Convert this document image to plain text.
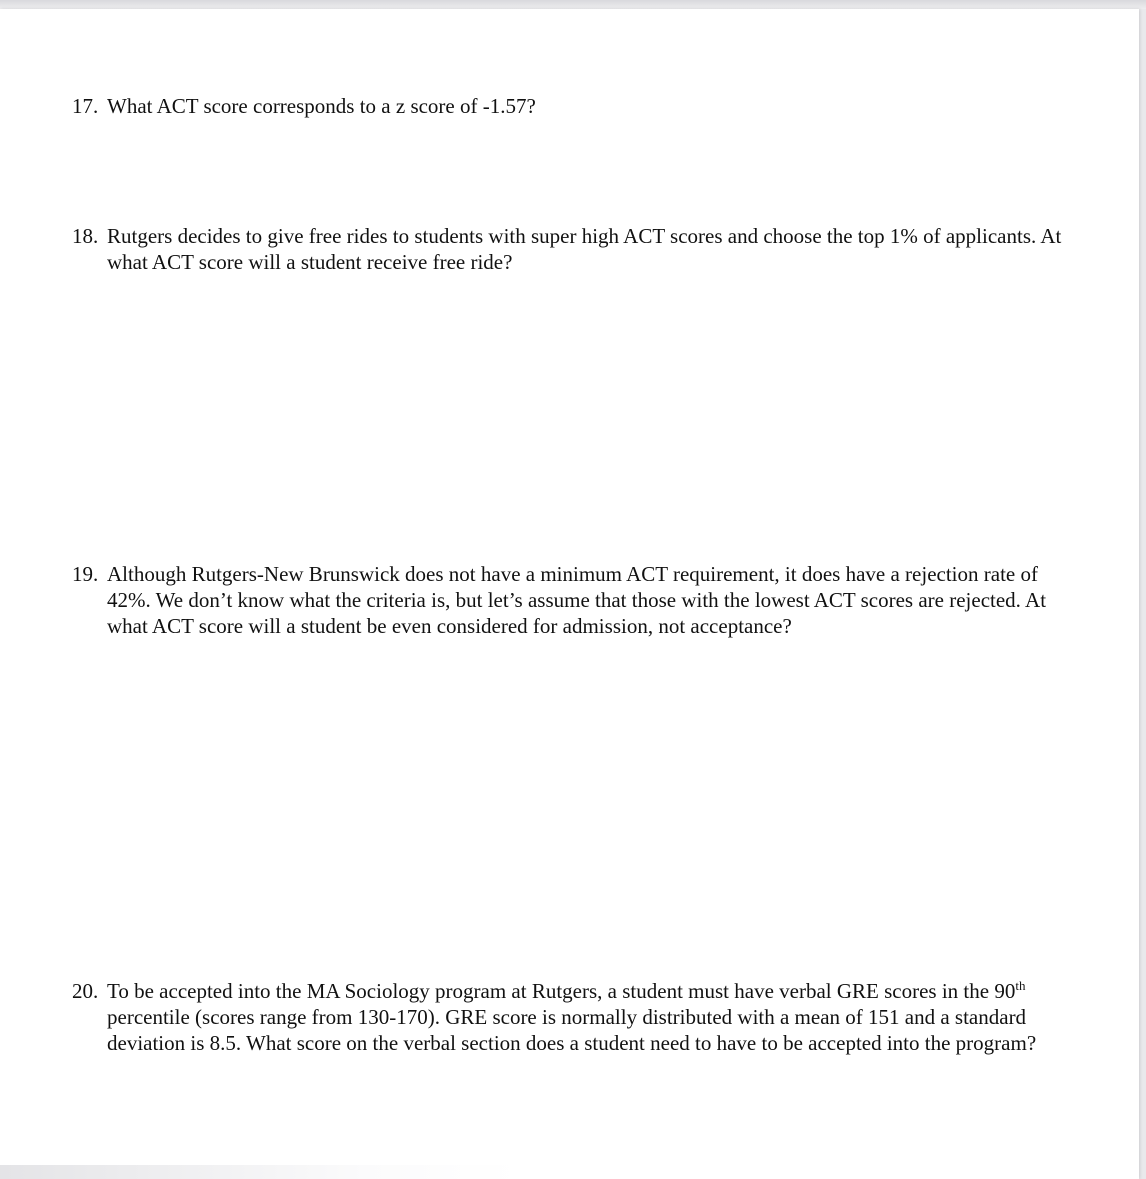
17. What ACT score corresponds to a z score of -1.57?
18. Rutgers decides to give free rides to students with super high ACT scores and choose the top 1% of applicants. At what ACT score will a student receive free ride?
19. Although Rutgers-New Brunswick does not have a minimum ACT requirement, it does have a rejection rate of 42%. We don’t know what the criteria is, but let’s assume that those with the lowest ACT scores are rejected. At what ACT score will a student be even considered for admission, not acceptance?
20. To be accepted into the MA Sociology program at Rutgers, a student must have verbal GRE scores in the 90th percentile (scores range from 130-170). GRE score is normally distributed with a mean of 151 and a standard deviation is 8.5. What score on the verbal section does a student need to have to be accepted into the program?
